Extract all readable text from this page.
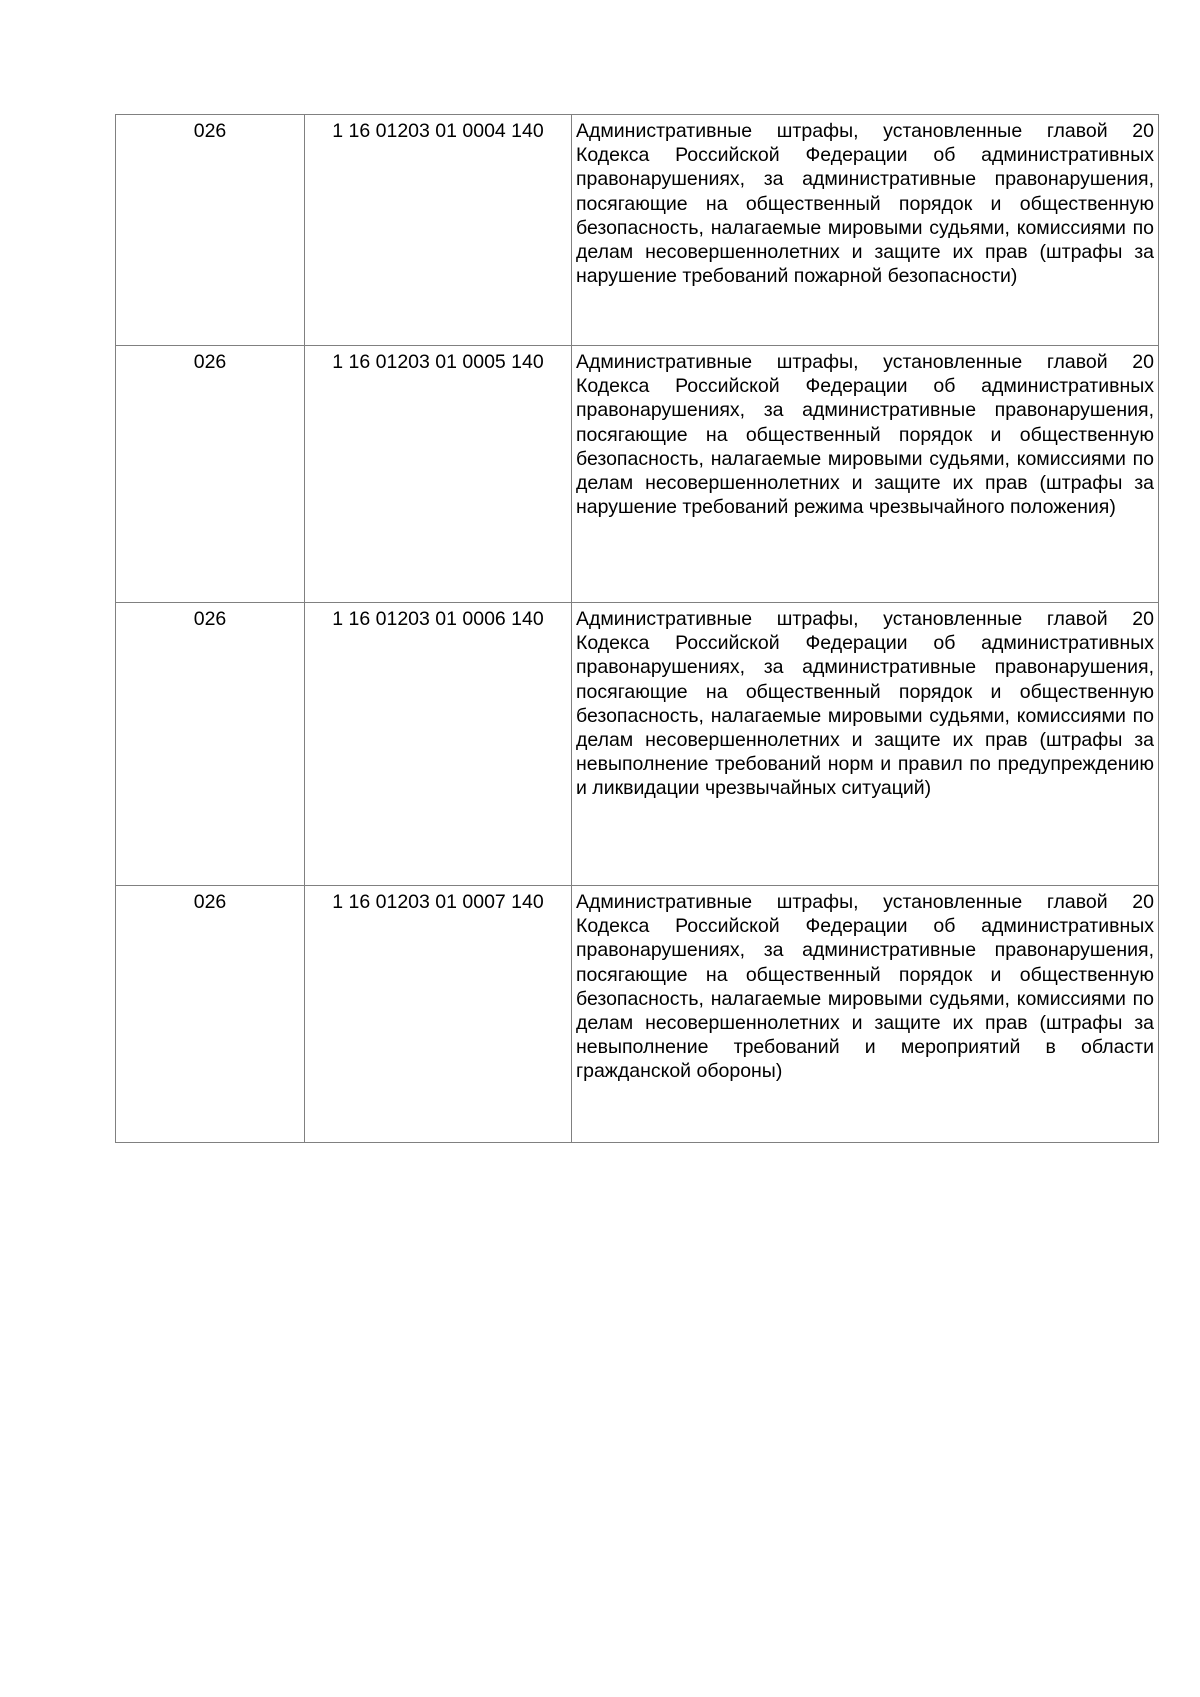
026	1 16 01203 01 0004 140	Административные штрафы, установленные главой 20 Кодекса Российской Федерации об административных правонарушениях, за административные правонарушения, посягающие на общественный порядок и общественную безопасность, налагаемые мировыми судьями, комиссиями по делам несовершеннолетних и защите их прав (штрафы за нарушение требований пожарной безопасности)
026	1 16 01203 01 0005 140	Административные штрафы, установленные главой 20 Кодекса Российской Федерации об административных правонарушениях, за административные правонарушения, посягающие на общественный порядок и общественную безопасность, налагаемые мировыми судьями, комиссиями по делам несовершеннолетних и защите их прав (штрафы за нарушение требований режима чрезвычайного положения)
026	1 16 01203 01 0006 140	Административные штрафы, установленные главой 20 Кодекса Российской Федерации об административных правонарушениях, за административные правонарушения, посягающие на общественный порядок и общественную безопасность, налагаемые мировыми судьями, комиссиями по делам несовершеннолетних и защите их прав (штрафы за невыполнение требований норм и правил по предупреждению и ликвидации чрезвычайных ситуаций)
026	1 16 01203 01 0007 140	Административные штрафы, установленные главой 20 Кодекса Российской Федерации об административных правонарушениях, за административные правонарушения, посягающие на общественный порядок и общественную безопасность, налагаемые мировыми судьями, комиссиями по делам несовершеннолетних и защите их прав (штрафы за невыполнение требований и мероприятий в области гражданской обороны)
